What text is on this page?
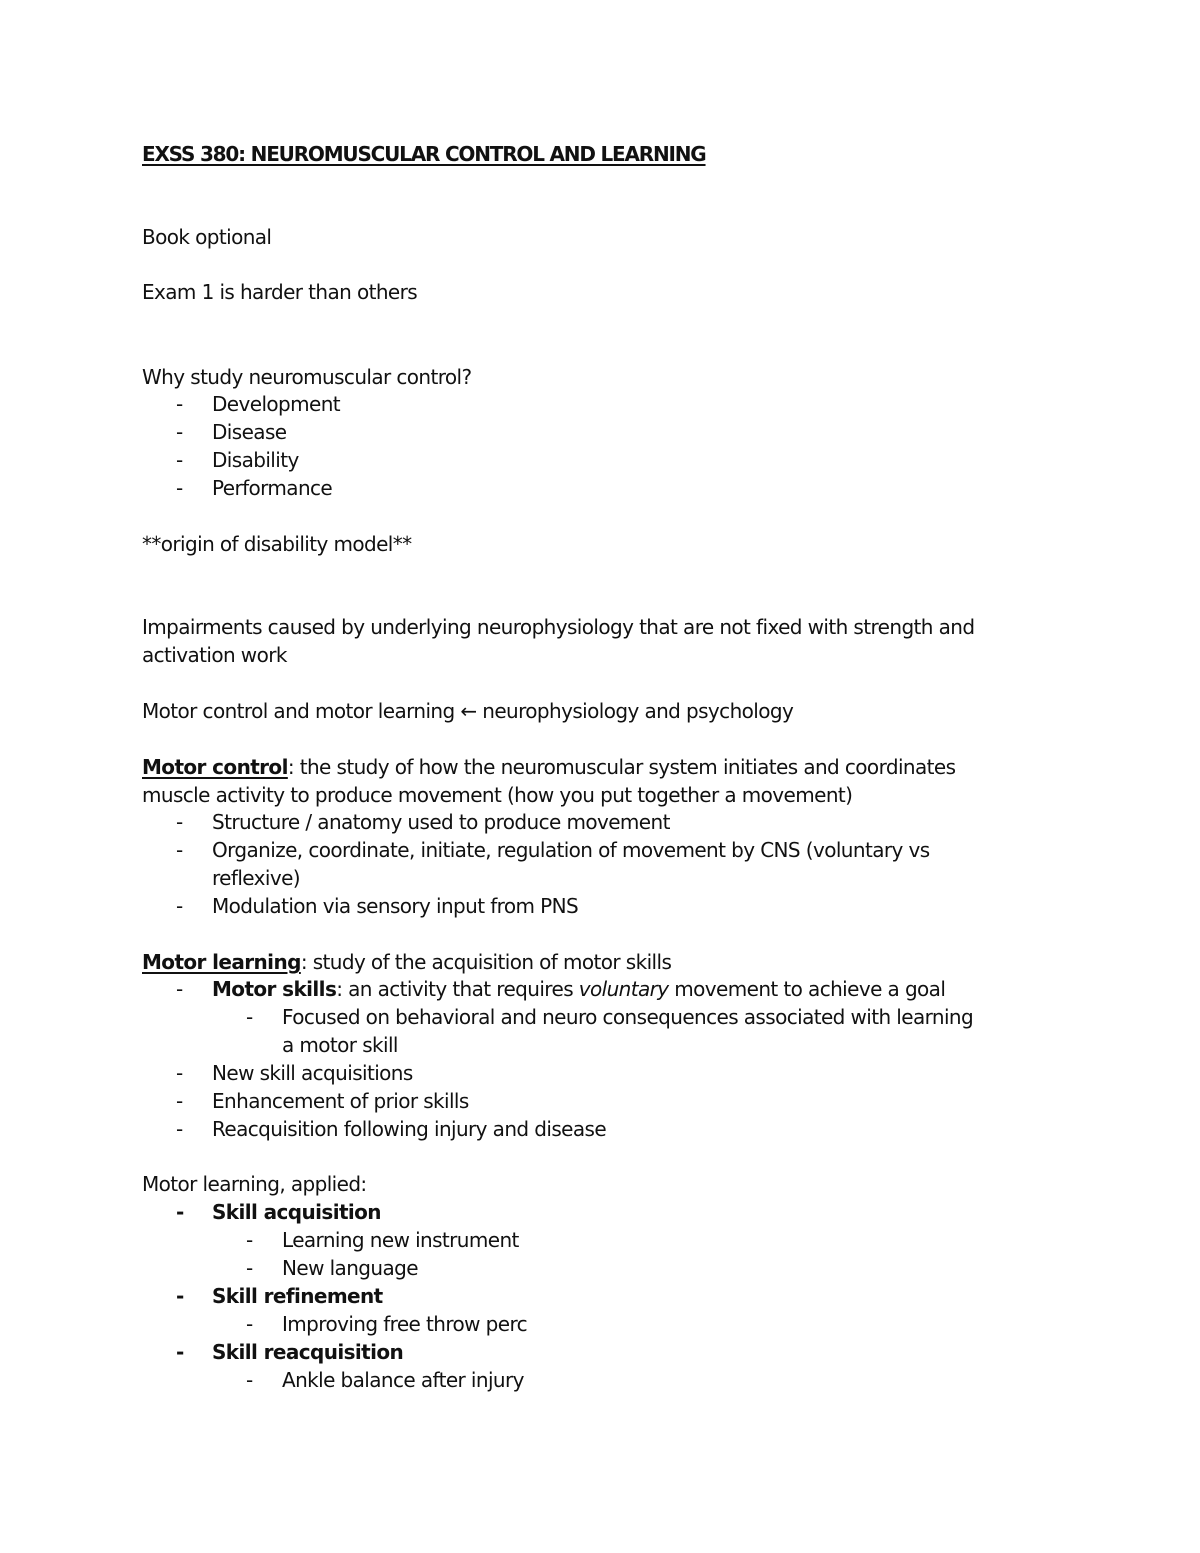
EXSS 380: NEUROMUSCULAR CONTROL AND LEARNING
Book optional
Exam 1 is harder than others
Why study neuromuscular control?
- Development
- Disease
- Disability
- Performance
**origin of disability model**
Impairments caused by underlying neurophysiology that are not fixed with strength and
activation work
Motor control and motor learning ← neurophysiology and psychology
Motor control: the study of how the neuromuscular system initiates and coordinates
muscle activity to produce movement (how you put together a movement)
- Structure / anatomy used to produce movement
- Organize, coordinate, initiate, regulation of movement by CNS (voluntary vs
reflexive)
- Modulation via sensory input from PNS
Motor learning: study of the acquisition of motor skills
- Motor skills: an activity that requires voluntary movement to achieve a goal
- Focused on behavioral and neuro consequences associated with learning
a motor skill
- New skill acquisitions
- Enhancement of prior skills
- Reacquisition following injury and disease
Motor learning, applied:
- Skill acquisition
- Learning new instrument
- New language
- Skill refinement
- Improving free throw perc
- Skill reacquisition
- Ankle balance after injury
